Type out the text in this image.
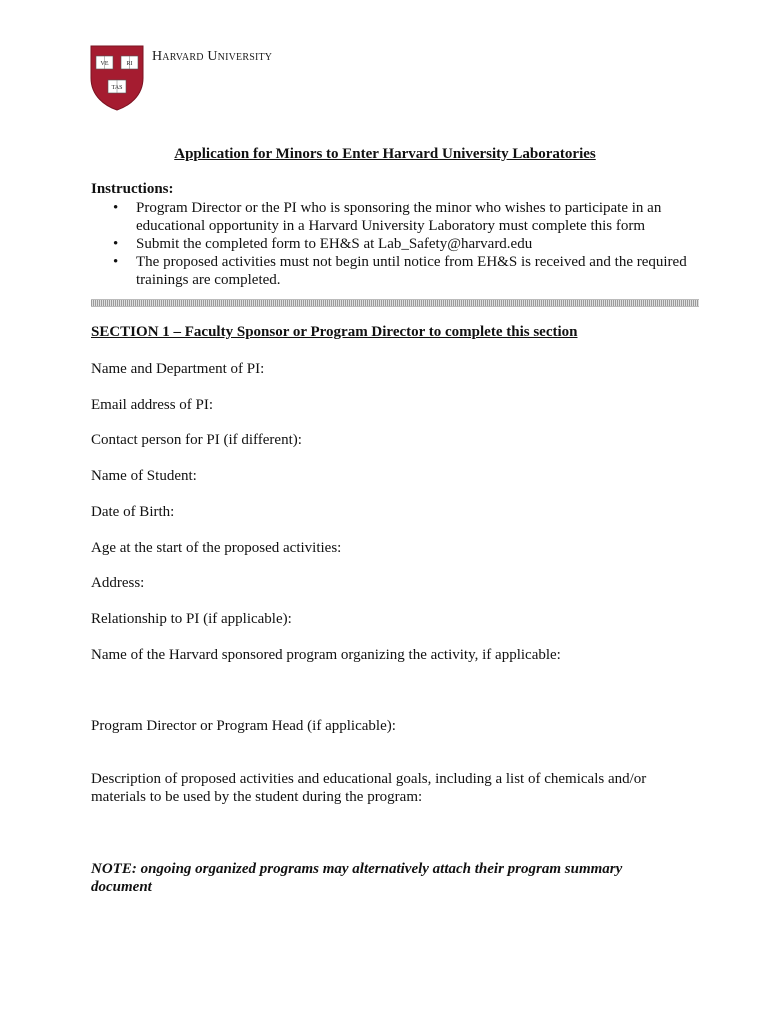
VE	RI
TAS
Harvard University
Application for Minors to Enter Harvard University Laboratories
Instructions:
• Program Director or the PI who is sponsoring the minor who wishes to participate in an educational opportunity in a Harvard University Laboratory must complete this form
• Submit the completed form to EH&S at Lab_Safety@harvard.edu
• The proposed activities must not begin until notice from EH&S is received and the required trainings are completed.
SECTION 1 – Faculty Sponsor or Program Director to complete this section
Name and Department of PI:
Email address of PI:
Contact person for PI (if different):
Name of Student:
Date of Birth:
Age at the start of the proposed activities:
Address:
Relationship to PI (if applicable):
Name of the Harvard sponsored program organizing the activity, if applicable:
Program Director or Program Head (if applicable):
Description of proposed activities and educational goals, including a list of chemicals and/or materials to be used by the student during the program:
NOTE: ongoing organized programs may alternatively attach their program summary document
